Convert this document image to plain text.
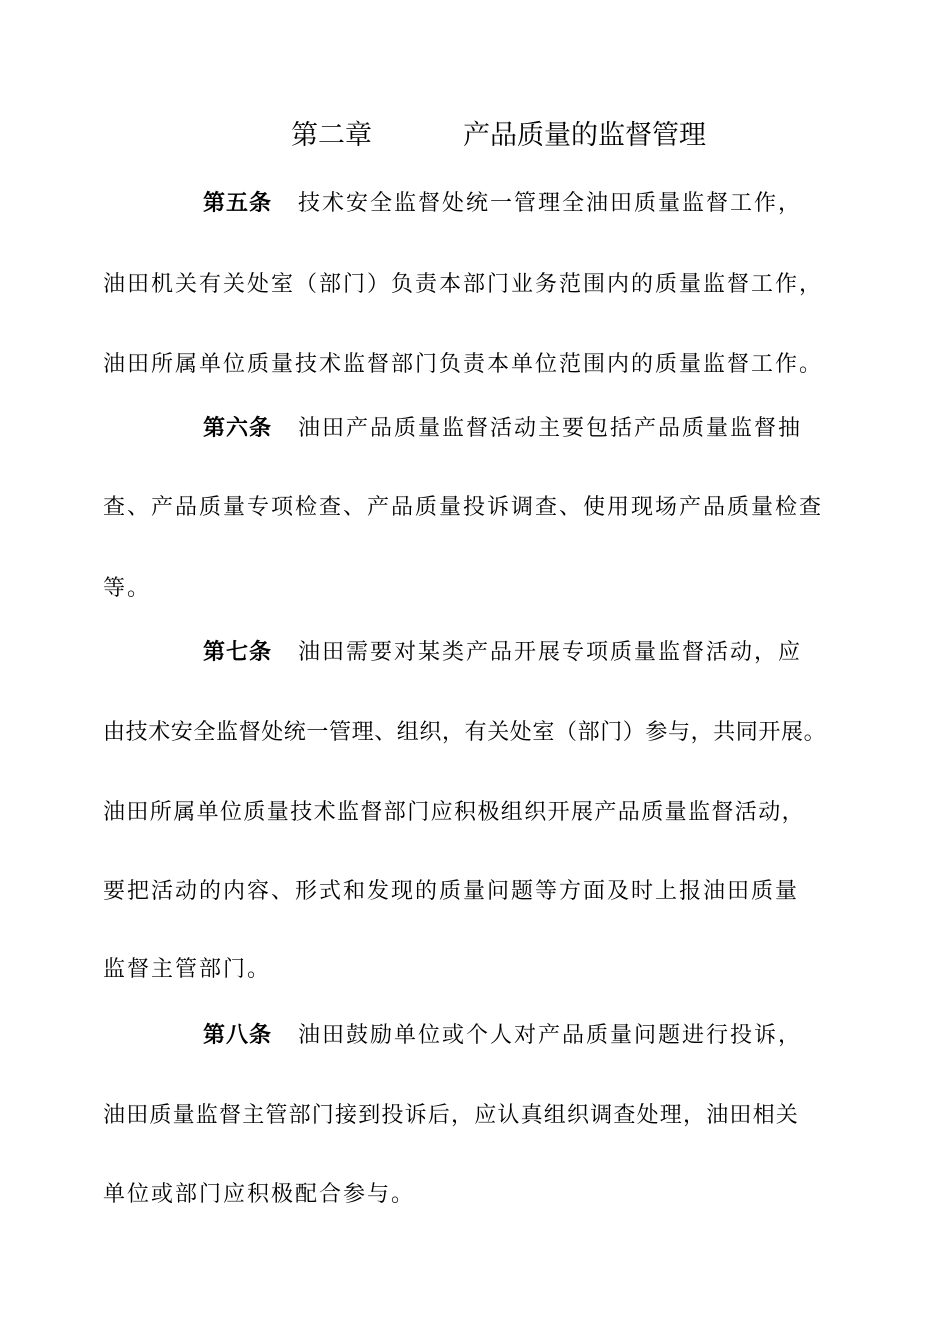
第二章	产品质量的监督管理
第五条 技术安全监督处统一管理全油田质量监督工作，
油田机关有关处室（部门）负责本部门业务范围内的质量监督工作，
油田所属单位质量技术监督部门负责本单位范围内的质量监督工作。
第六条 油田产品质量监督活动主要包括产品质量监督抽
查、产品质量专项检查、产品质量投诉调查、使用现场产品质量检查
等。
第七条 油田需要对某类产品开展专项质量监督活动，应
由技术安全监督处统一管理、组织，有关处室（部门）参与，共同开展。
油田所属单位质量技术监督部门应积极组织开展产品质量监督活动，
要把活动的内容、形式和发现的质量问题等方面及时上报油田质量
监督主管部门。
第八条 油田鼓励单位或个人对产品质量问题进行投诉，
油田质量监督主管部门接到投诉后，应认真组织调查处理，油田相关
单位或部门应积极配合参与。
